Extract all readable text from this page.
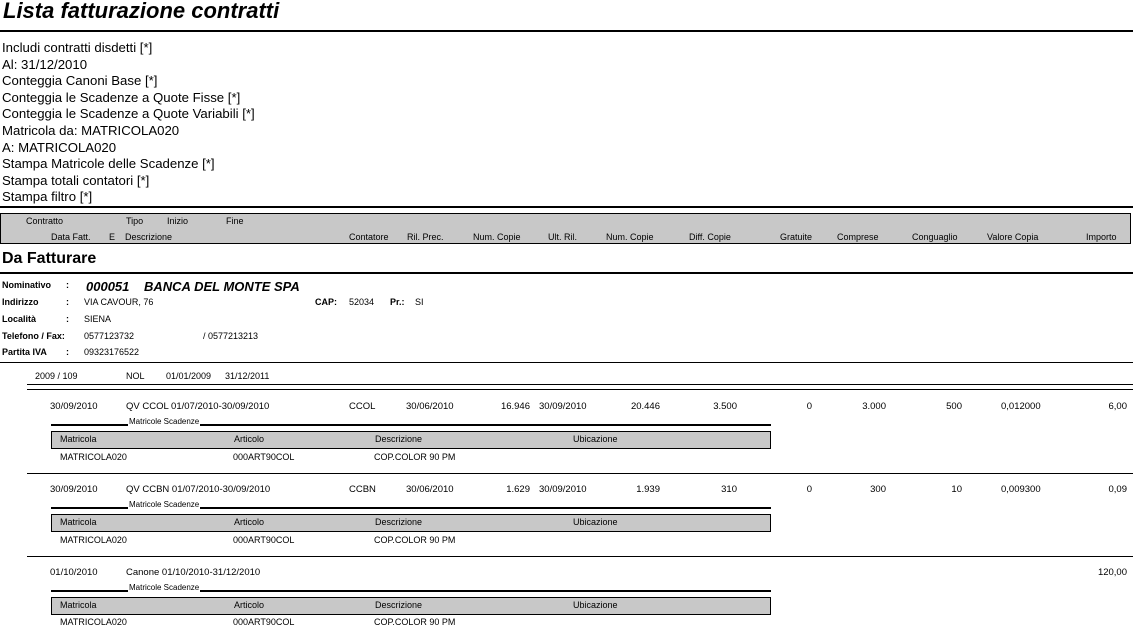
Lista fatturazione contratti
Includi contratti disdetti [*]
Al: 31/12/2010
Conteggia Canoni Base [*]
Conteggia le Scadenze a Quote Fisse [*]
Conteggia le Scadenze a Quote Variabili [*]
Matricola da: MATRICOLA020
A: MATRICOLA020
Stampa Matricole delle Scadenze [*]
Stampa totali contatori [*]
Stampa filtro [*]
Contratto	Tipo	Inizio	Fine
Data Fatt. E Descrizione	Contatore Ril. Prec.	Num. Copie	Ult. Ril.	Num. Copie	Diff. Copie	Gratuite	Comprese	Conguaglio	Valore Copia	Importo
Da Fatturare
Nominativo : 000051 BANCA DEL MONTE SPA
Indirizzo	: VIA CAVOUR, 76	CAP: 52034 Pr.: SI
Località	: SIENA
Telefono / Fax: 0577123732	/ 0577213213
Partita IVA : 09323176522
2009 / 109	NOL 01/01/2009 31/12/2011
30/09/2010	QV CCOL 01/07/2010-30/09/2010	CCOL	30/06/2010	16.946 30/09/2010	20.446	3.500	0	3.000	500	0,012000	6,00
Matricole Scadenze
Matricola	Articolo	Descrizione	Ubicazione
MATRICOLA020	000ART90COL	COP.COLOR 90 PM
30/09/2010	QV CCBN 01/07/2010-30/09/2010	CCBN	30/06/2010	1.629 30/09/2010	1.939	310	0	300	10	0,009300	0,09
Matricole Scadenze
Matricola	Articolo	Descrizione	Ubicazione
MATRICOLA020	000ART90COL	COP.COLOR 90 PM
01/10/2010	Canone 01/10/2010-31/12/2010	120,00
Matricole Scadenze
Matricola	Articolo	Descrizione	Ubicazione
MATRICOLA020	000ART90COL	COP.COLOR 90 PM
